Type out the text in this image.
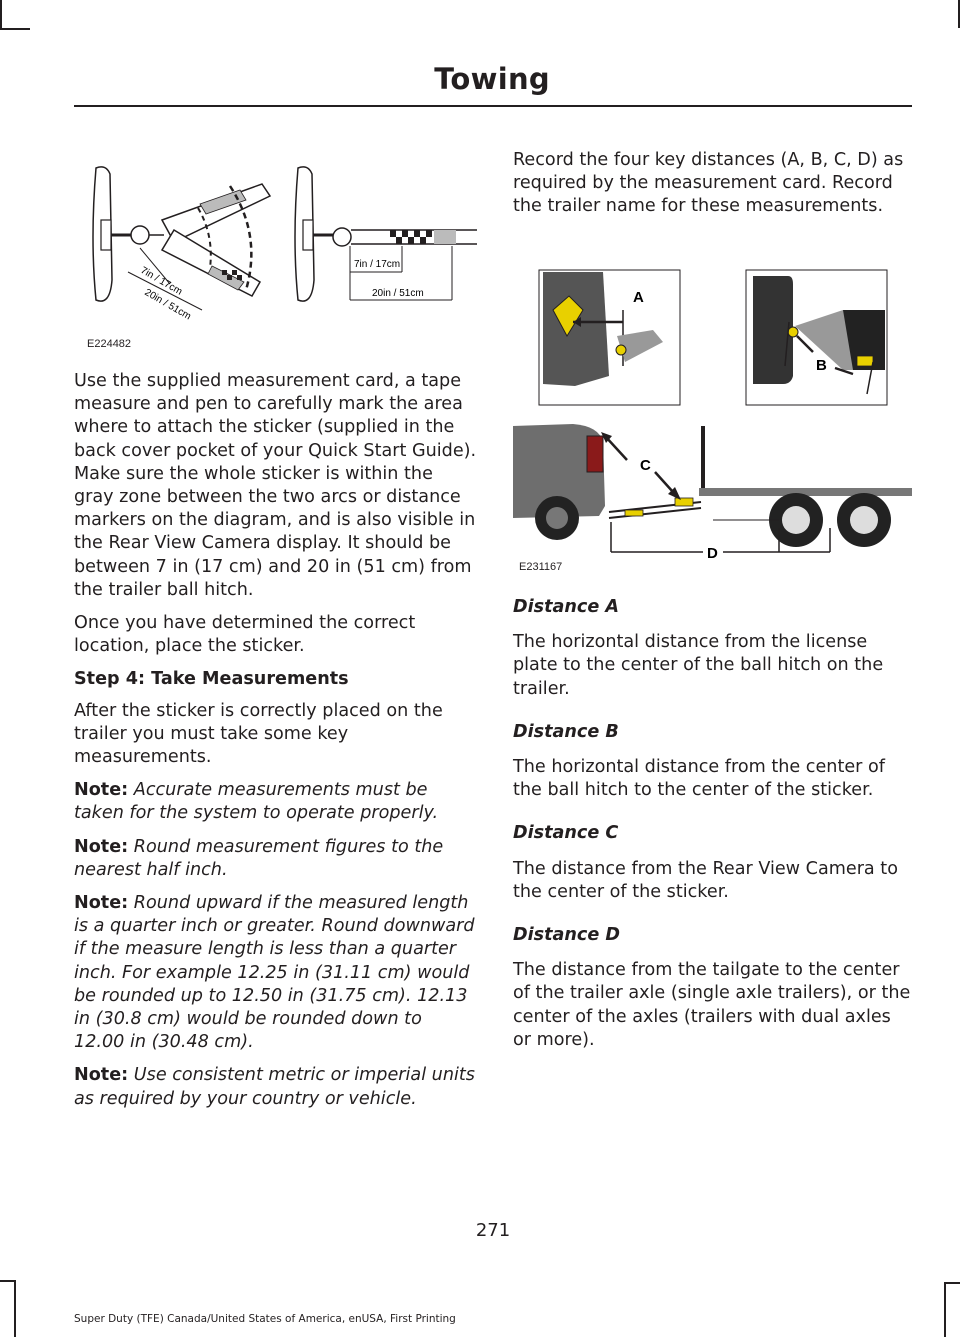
Towing
7in / 17cm
20in / 51cm
7in / 17cm
20in / 51cm
E224482

Use the supplied measurement card, a tape measure and pen to carefully mark the area where to attach the sticker (supplied in the back cover pocket of your Quick Start Guide). Make sure the whole sticker is within the gray zone between the two arcs or distance markers on the diagram, and is also visible in the Rear View Camera display. It should be between 7 in (17 cm) and 20 in (51 cm) from the trailer ball hitch.

Once you have determined the correct location, place the sticker.

Step 4: Take Measurements

After the sticker is correctly placed on the trailer you must take some key measurements.

Note: Accurate measurements must be taken for the system to operate properly.

Note: Round measurement figures to the nearest half inch.

Note: Round upward if the measured length is a quarter inch or greater. Round downward if the measure length is less than a quarter inch. For example 12.25 in (31.11 cm) would be rounded up to 12.50 in (31.75 cm). 12.13 in (30.8 cm) would be rounded down to 12.00 in (30.48 cm).

Note: Use consistent metric or imperial units as required by your country or vehicle.

Record the four key distances (A, B, C, D) as required by the measurement card. Record the trailer name for these measurements.

A
B
C
D
E231167

Distance A

The horizontal distance from the license plate to the center of the ball hitch on the trailer.

Distance B

The horizontal distance from the center of the ball hitch to the center of the sticker.

Distance C

The distance from the Rear View Camera to the center of the sticker.

Distance D

The distance from the tailgate to the center of the trailer axle (single axle trailers), or the center of the axles (trailers with dual axles or more).

271
Super Duty (TFE) Canada/United States of America, enUSA, First Printing
